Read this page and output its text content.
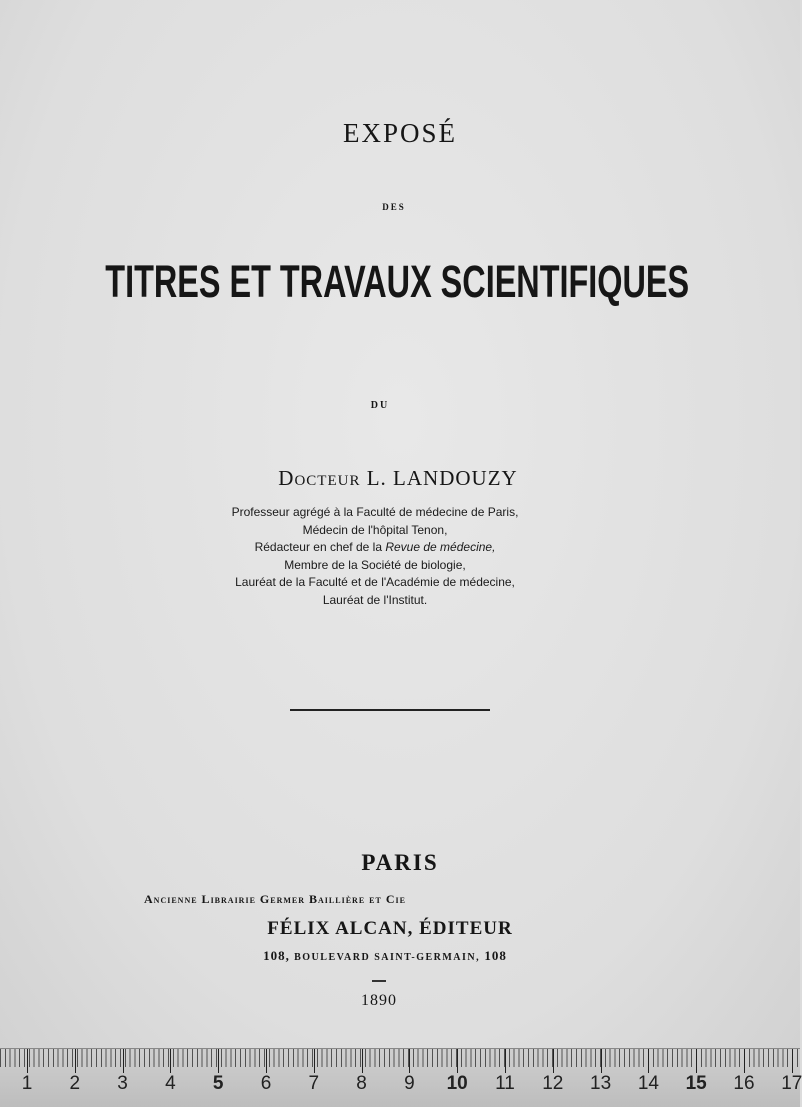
EXPOSÉ
DES
TITRES ET TRAVAUX SCIENTIFIQUES
DU
Docteur L. LANDOUZY
Professeur agrégé à la Faculté de médecine de Paris,
Médecin de l'hôpital Tenon,
Rédacteur en chef de la Revue de médecine,
Membre de la Société de biologie,
Lauréat de la Faculté et de l'Académie de médecine,
Lauréat de l'Institut.
PARIS
Ancienne Librairie Germer Baillière et Cie
FÉLIX ALCAN, ÉDITEUR
108, BOULEVARD SAINT-GERMAIN, 108
1890
1 2 3 4 5 6 7 8 9 10 11 12 13 14 15 16 17
